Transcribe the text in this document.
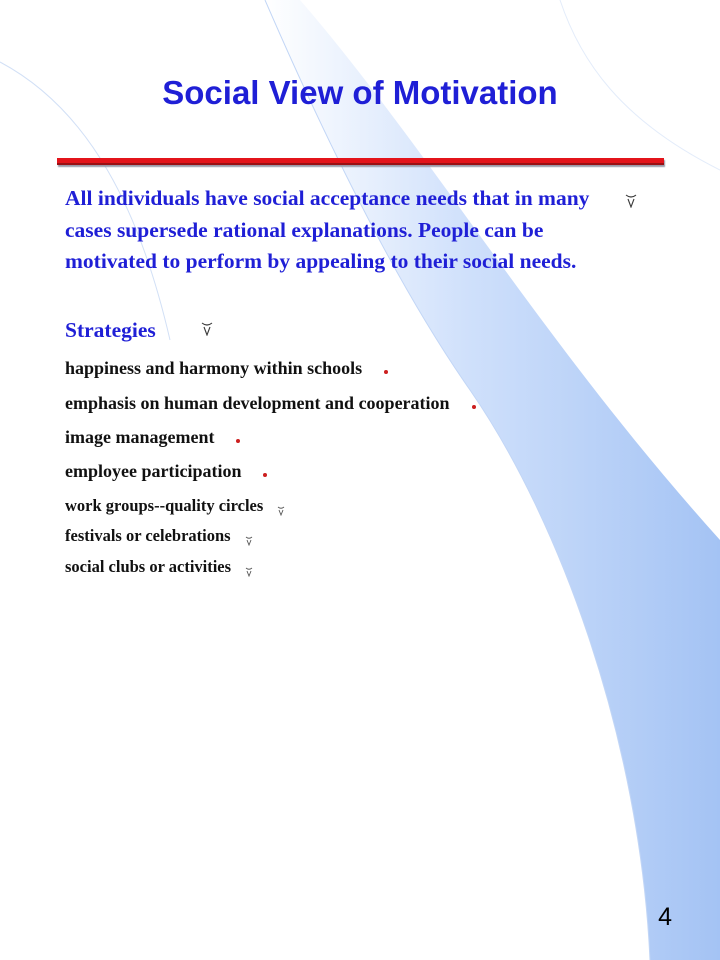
Social View of Motivation

All individuals have social acceptance needs that in many cases supersede rational explanations. People can be motivated to perform by appealing to their social needs.

Strategies

happiness and harmony within schools

emphasis on human development and cooperation

image management

employee participation

work groups--quality circles

festivals or celebrations

social clubs or activities

4
